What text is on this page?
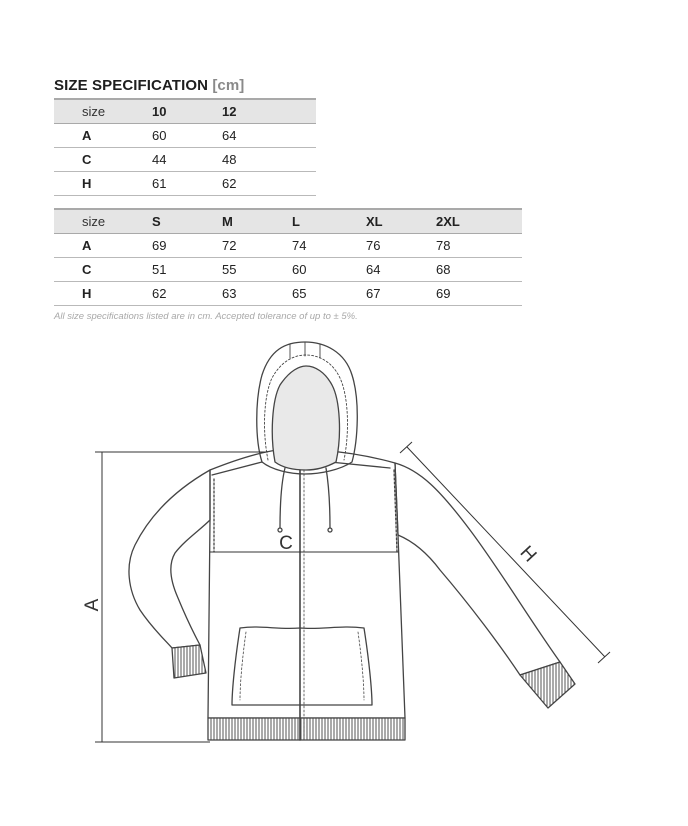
SIZE SPECIFICATION [cm]
size	10	12
A	60	64
C	44	48
H	61	62
size	S	M	L	XL	2XL
A	69	72	74	76	78
C	51	55	60	64	68
H	62	63	65	67	69
All size specifications listed are in cm. Accepted tolerance of up to ± 5%.
A
C	H
